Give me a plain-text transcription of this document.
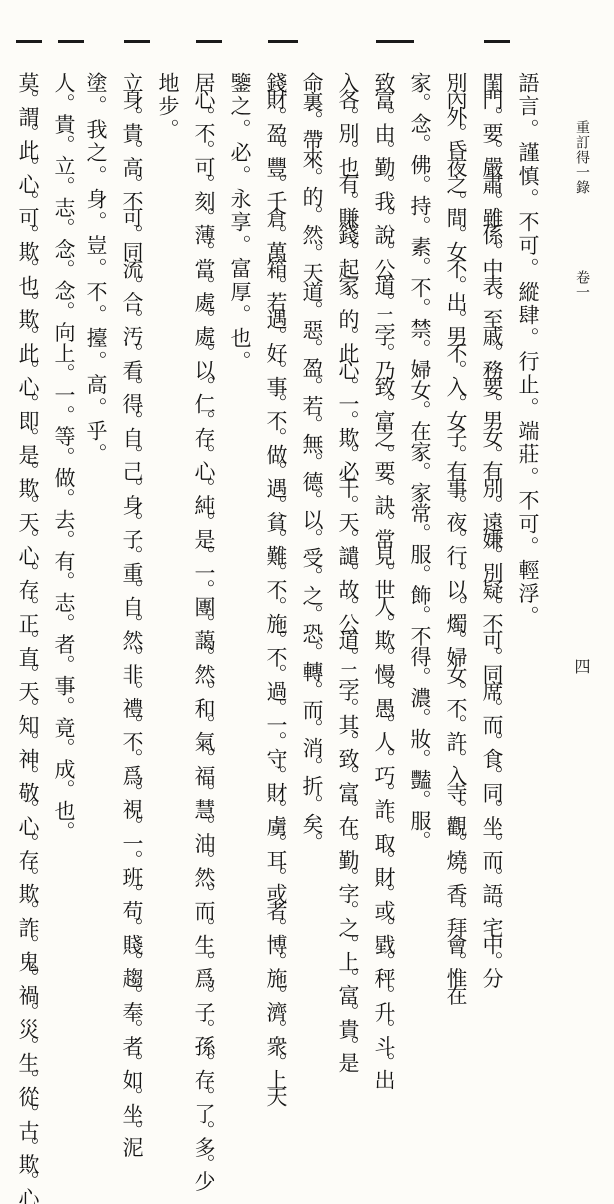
重訂得一錄
卷一
四

語言。謹慎。不可。縱肆。行止。端莊。不可。輕浮。

閨門。要。嚴肅。雖係。中表。至戚。務要。男女。有別。遠嫌。別疑。不可。同席。而。食。同。坐。而。語。宅中。分

別內外。昏夜之。間。女不。出。男不。入。女子。有事。夜。行。以。燭。婦女。不。許。入寺。觀。燒。香。拜會。惟在

家。念。佛。持。素。不。禁。婦女。在家。家常。服。飾。不得。濃。妝。豔。服。

致富。由。勤。我。說。公道。二字。乃致。富之。要。訣。常見。世人。欺。慢。愚。人。巧。詐。取。財。或。戥。秤。升。斗。出

入各。別。也有。賺錢。起家。的。此心。一。欺。必干。天。譴。故。公道。二字。其。致。富。在。勤。字。之。上。富。貴。是

命裏。帶來。的。然。天道。惡。盈。若。無。德。以。受。之。恐。轉。而。消。折。矣。

錢財。盈。豐。千倉。萬箱。若遇。好。事。不。做。遇。貧。難。不。施。不。過。一。守。財。虜。耳。或者。博。施。濟。衆。上天

鑒之。必。永享。富厚。也。

居心。不。可。刻。薄。當。處。處。以。仁。存。心。純。是。一。團。藹。然。和。氣。福。慧。油。然。而。生。爲。子。孫。存。了。多。少

地步。

立身。貴。高。不可。同流。合。汚。看。得。自。己。身。子。重。自。然。非。禮。不。爲。視。一。班。苟。賤。趨。奉。者。如。坐。泥

塗。我之。身。豈。不。擡。高。乎。

人。貴。立。志。念。念。向上。一。等。做。去。有。志。者。事。竟。成。也。

莫。謂。此。心。可。欺。也。欺。此。心。即。是。欺。天。心。存。正。直。天。知。神。敬。心。存。欺。詐。鬼。禍。災。生。從。古。欺。心
